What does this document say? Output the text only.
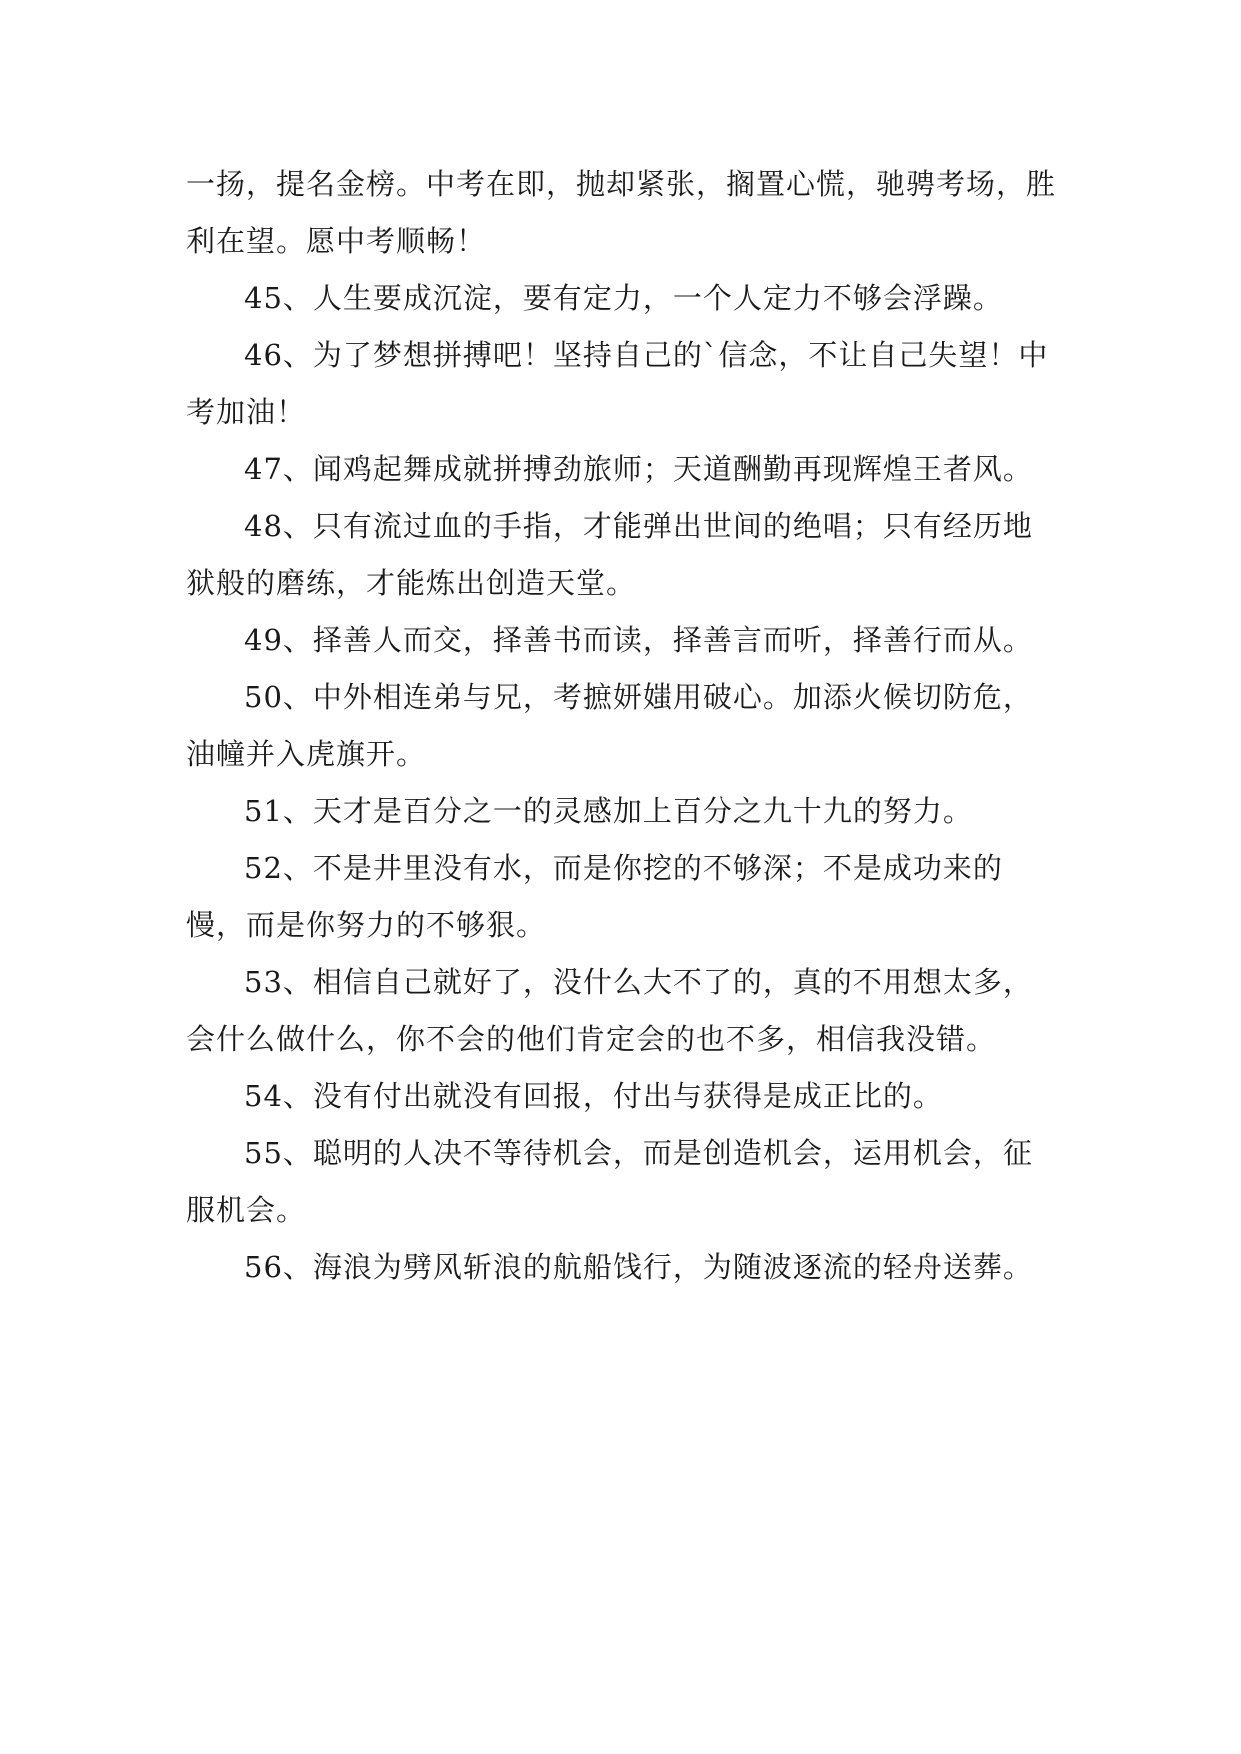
一扬，提名金榜。中考在即，抛却紧张，搁置心慌，驰骋考场，胜利在望。愿中考顺畅！

45、人生要成沉淀，要有定力，一个人定力不够会浮躁。

46、为了梦想拼搏吧！坚持自己的`信念，不让自己失望！中考加油！

47、闻鸡起舞成就拼搏劲旅师；天道酬勤再现辉煌王者风。

48、只有流过血的手指，才能弹出世间的绝唱；只有经历地狱般的磨练，才能炼出创造天堂。

49、择善人而交，择善书而读，择善言而听，择善行而从。

50、中外相连弟与兄，考摭妍媸用破心。加添火候切防危，油幢并入虎旗开。

51、天才是百分之一的灵感加上百分之九十九的努力。

52、不是井里没有水，而是你挖的不够深；不是成功来的慢，而是你努力的不够狠。

53、相信自己就好了，没什么大不了的，真的不用想太多，会什么做什么，你不会的他们肯定会的也不多，相信我没错。

54、没有付出就没有回报，付出与获得是成正比的。

55、聪明的人决不等待机会，而是创造机会，运用机会，征服机会。

56、海浪为劈风斩浪的航船饯行，为随波逐流的轻舟送葬。
